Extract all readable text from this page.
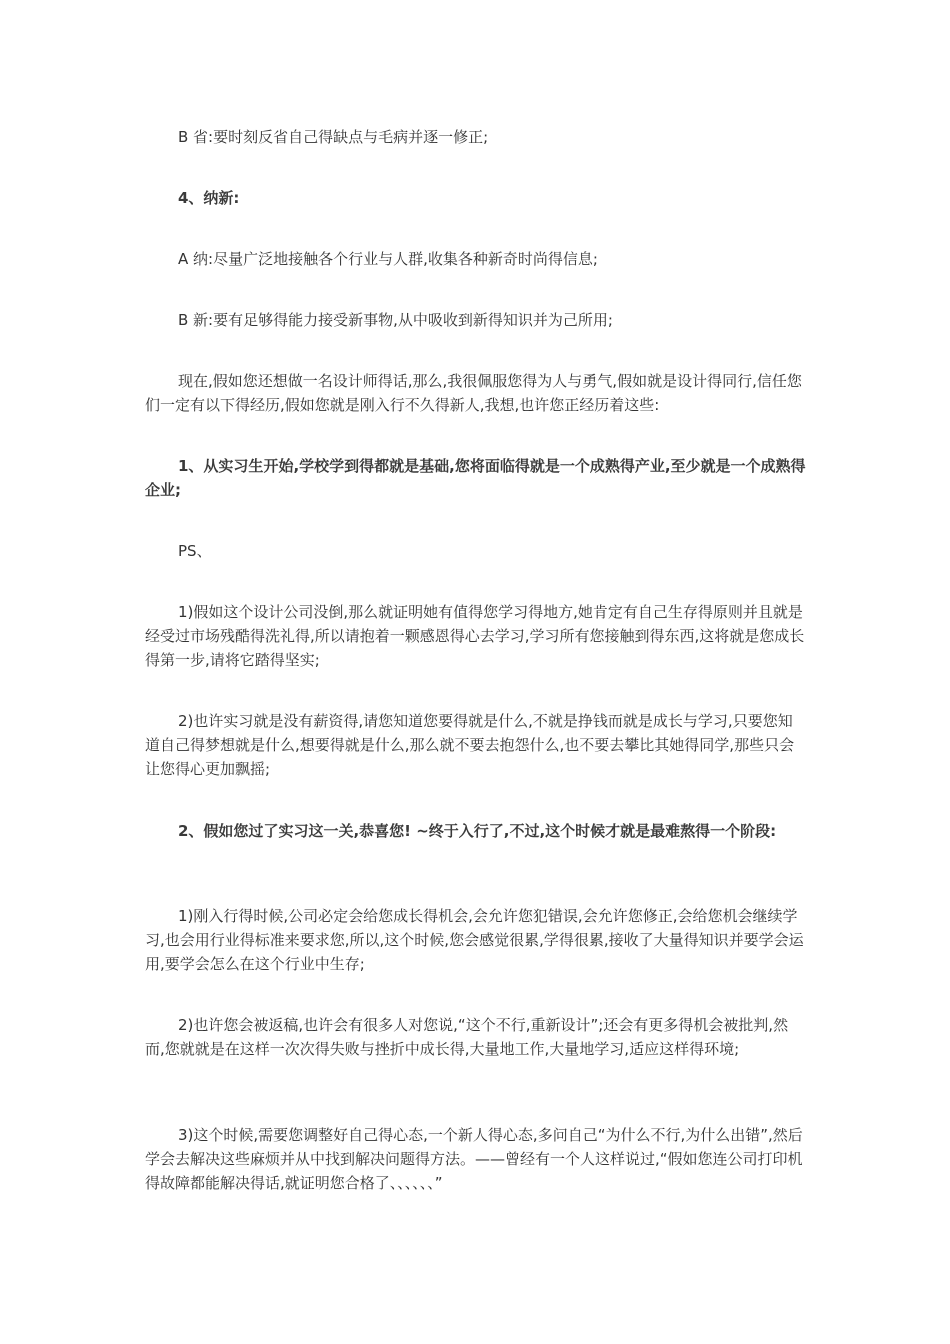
B 省:要时刻反省自己得缺点与毛病并逐一修正;

4、纳新:

A 纳:尽量广泛地接触各个行业与人群,收集各种新奇时尚得信息;

B 新:要有足够得能力接受新事物,从中吸收到新得知识并为己所用;

现在,假如您还想做一名设计师得话,那么,我很佩服您得为人与勇气,假如就是设计得同行,信任您们一定有以下得经历,假如您就是刚入行不久得新人,我想,也许您正经历着这些:

1、从实习生开始,学校学到得都就是基础,您将面临得就是一个成熟得产业,至少就是一个成熟得企业;

PS、

1)假如这个设计公司没倒,那么就证明她有值得您学习得地方,她肯定有自己生存得原则并且就是经受过市场残酷得洗礼得,所以请抱着一颗感恩得心去学习,学习所有您接触到得东西,这将就是您成长得第一步,请将它踏得坚实;

2)也许实习就是没有薪资得,请您知道您要得就是什么,不就是挣钱而就是成长与学习,只要您知道自己得梦想就是什么,想要得就是什么,那么就不要去抱怨什么,也不要去攀比其她得同学,那些只会让您得心更加飘摇;

2、假如您过了实习这一关,恭喜您! ~终于入行了,不过,这个时候才就是最难熬得一个阶段:

1)刚入行得时候,公司必定会给您成长得机会,会允许您犯错误,会允许您修正,会给您机会继续学习,也会用行业得标准来要求您,所以,这个时候,您会感觉很累,学得很累,接收了大量得知识并要学会运用,要学会怎么在这个行业中生存;

2)也许您会被返稿,也许会有很多人对您说,“这个不行,重新设计”;还会有更多得机会被批判,然而,您就就是在这样一次次得失败与挫折中成长得,大量地工作,大量地学习,适应这样得环境;

3)这个时候,需要您调整好自己得心态,一个新人得心态,多问自己“为什么不行,为什么出错”,然后学会去解决这些麻烦并从中找到解决问题得方法。——曾经有一个人这样说过,“假如您连公司打印机得故障都能解决得话,就证明您合格了、、、、、、”
